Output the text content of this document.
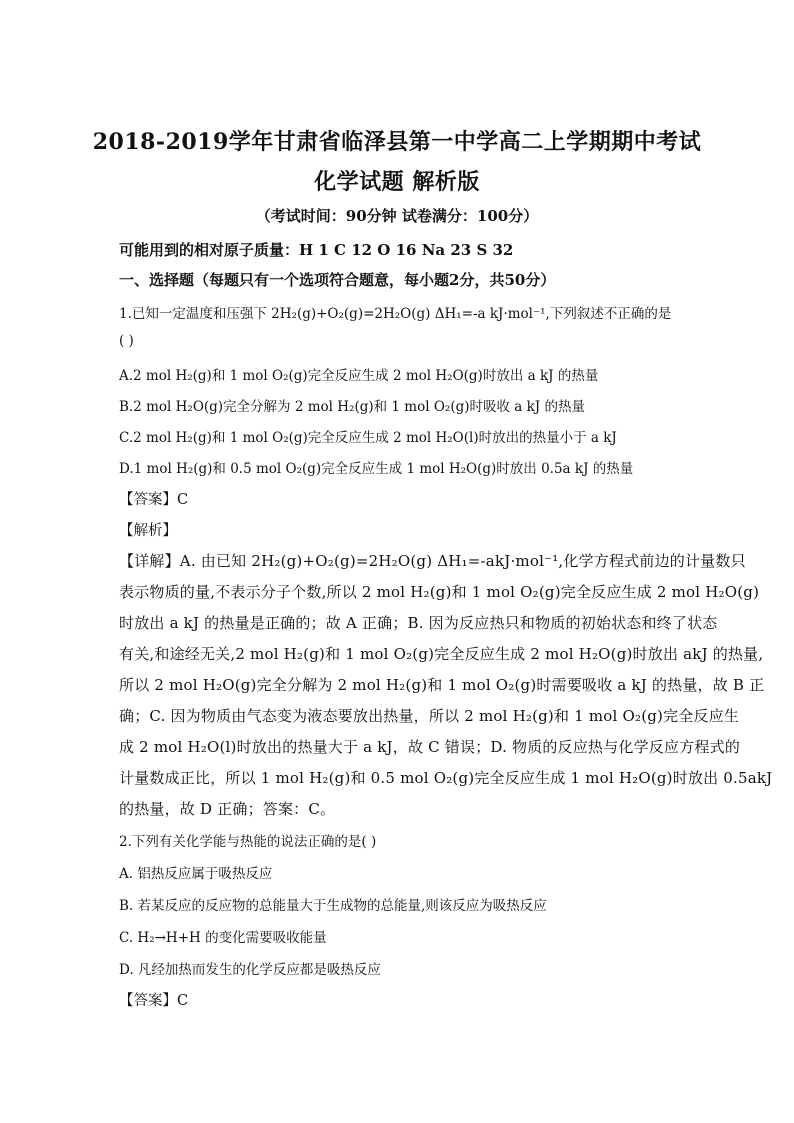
2018-2019学年甘肃省临泽县第一中学高二上学期期中考试
化学试题 解析版
（考试时间：90分钟 试卷满分：100分）
可能用到的相对原子质量：H 1 C 12 O 16 Na 23 S 32
一、选择题（每题只有一个选项符合题意，每小题2分，共50分）
1.已知一定温度和压强下 2H₂(g)+O₂(g)=2H₂O(g) ΔH₁=-a kJ·mol⁻¹,下列叙述不正确的是
( )
A.2 mol H₂(g)和 1 mol O₂(g)完全反应生成 2 mol H₂O(g)时放出 a kJ 的热量
B.2 mol H₂O(g)完全分解为 2 mol H₂(g)和 1 mol O₂(g)时吸收 a kJ 的热量
C.2 mol H₂(g)和 1 mol O₂(g)完全反应生成 2 mol H₂O(l)时放出的热量小于 a kJ
D.1 mol H₂(g)和 0.5 mol O₂(g)完全反应生成 1 mol H₂O(g)时放出 0.5a kJ 的热量
【答案】C
【解析】
【详解】A. 由已知 2H₂(g)+O₂(g)=2H₂O(g) ΔH₁=-akJ·mol⁻¹,化学方程式前边的计量数只
表示物质的量,不表示分子个数,所以 2 mol H₂(g)和 1 mol O₂(g)完全反应生成 2 mol H₂O(g)
时放出 a kJ 的热量是正确的；故 A 正确；B. 因为反应热只和物质的初始状态和终了状态
有关,和途经无关,2 mol H₂(g)和 1 mol O₂(g)完全反应生成 2 mol H₂O(g)时放出 akJ 的热量,
所以 2 mol H₂O(g)完全分解为 2 mol H₂(g)和 1 mol O₂(g)时需要吸收 a kJ 的热量，故 B 正
确；C. 因为物质由气态变为液态要放出热量，所以 2 mol H₂(g)和 1 mol O₂(g)完全反应生
成 2 mol H₂O(l)时放出的热量大于 a kJ，故 C 错误；D. 物质的反应热与化学反应方程式的
计量数成正比，所以 1 mol H₂(g)和 0.5 mol O₂(g)完全反应生成 1 mol H₂O(g)时放出 0.5akJ
的热量，故 D 正确；答案：C。
2.下列有关化学能与热能的说法正确的是( )
A. 铝热反应属于吸热反应
B. 若某反应的反应物的总能量大于生成物的总能量,则该反应为吸热反应
C. H₂→H+H 的变化需要吸收能量
D. 凡经加热而发生的化学反应都是吸热反应
【答案】C
